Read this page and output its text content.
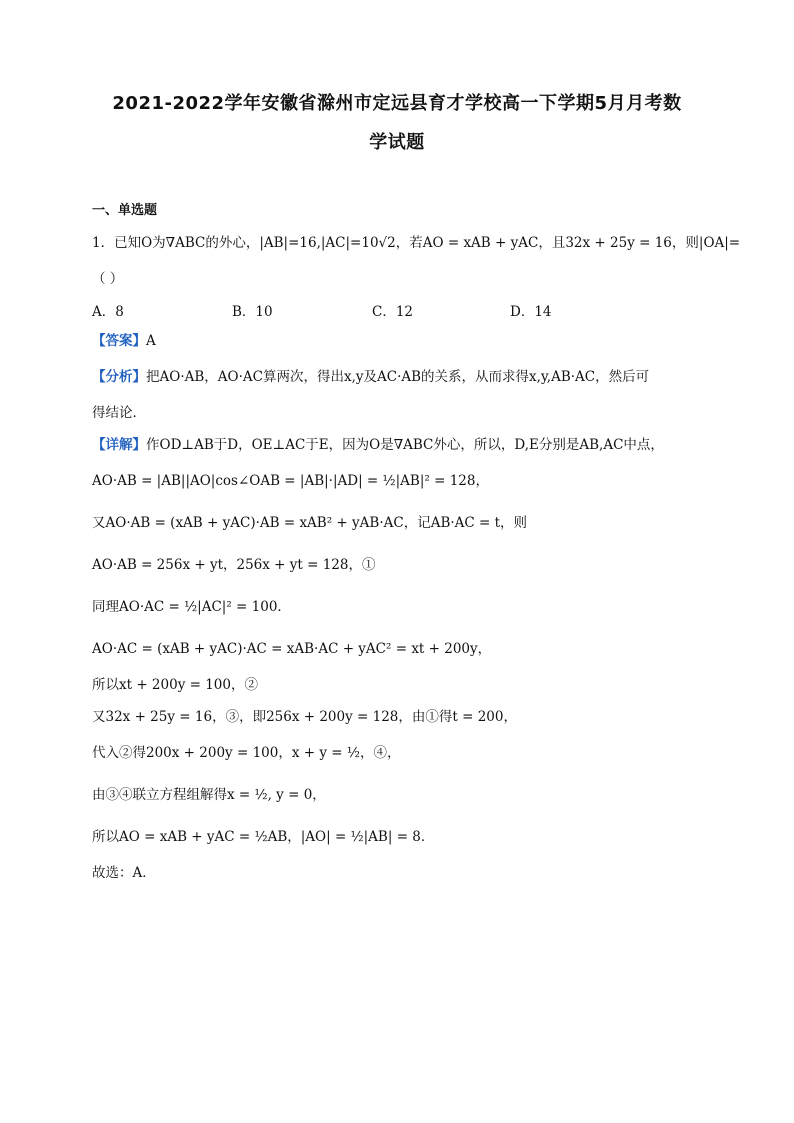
2021-2022学年安徽省滁州市定远县育才学校高一下学期5月月考数
学试题
一、单选题
1．已知O为∇ABC的外心，|AB|=16,|AC|=10√2，若AO = xAB + yAC，且32x + 25y = 16，则|OA|=
（ ）
A．8	B．10	C．12	D．14
【答案】A
【分析】把AO·AB，AO·AC算两次，得出x,y及AC·AB的关系，从而求得x,y,AB·AC，然后可
得结论．
【详解】作OD⊥AB于D，OE⊥AC于E，因为O是∇ABC外心，所以，D,E分别是AB,AC中点，
AO·AB = |AB||AO|cos∠OAB = |AB|·|AD| = ½|AB|² = 128，
又AO·AB = (xAB + yAC)·AB = xAB² + yAB·AC，记AB·AC = t，则
AO·AB = 256x + yt，256x + yt = 128，①
同理AO·AC = ½|AC|² = 100．
AO·AC = (xAB + yAC)·AC = xAB·AC + yAC² = xt + 200y，
所以xt + 200y = 100，②
又32x + 25y = 16，③，即256x + 200y = 128，由①得t = 200，
代入②得200x + 200y = 100，x + y = ½，④，
由③④联立方程组解得x = ½, y = 0，
所以AO = xAB + yAC = ½AB，|AO| = ½|AB| = 8．
故选：A．
